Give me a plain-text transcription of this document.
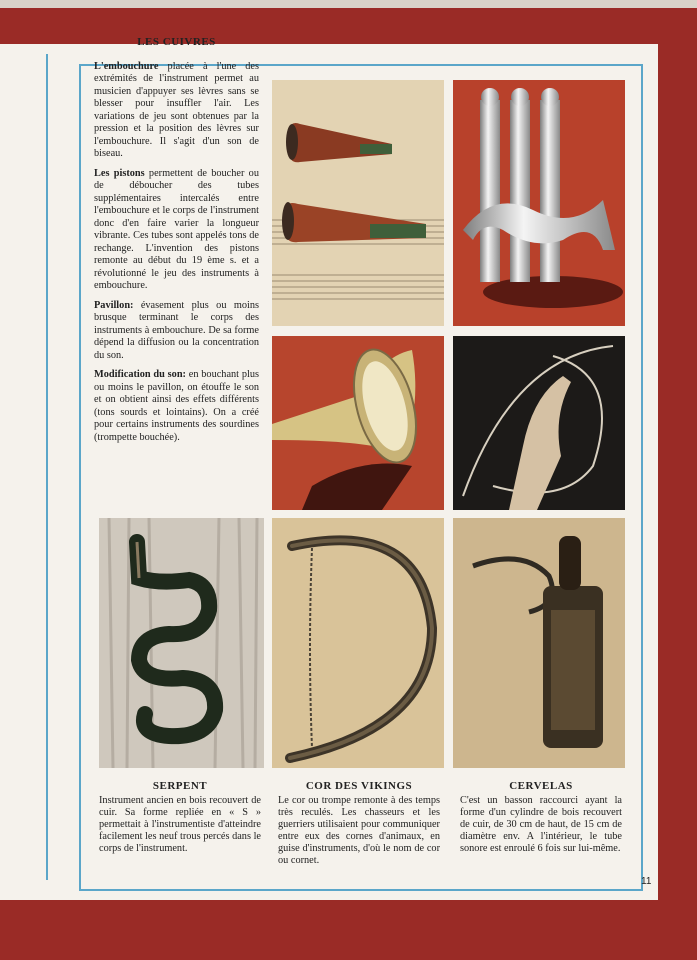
11
LES CUIVRES

L'embouchure placée à l'une des extrémités de l'instrument permet au musicien d'appuyer ses lèvres sans se blesser pour insuffler l'air. Les variations de jeu sont obtenues par la pression et la position des lèvres sur l'embouchure. Il s'agit d'un son de biseau.

Les pistons permettent de boucher ou de déboucher des tubes supplémentaires intercalés entre l'embouchure et le corps de l'instrument donc d'en faire varier la longueur vibrante. Ces tubes sont appelés tons de rechange. L'invention des pistons remonte au début du 19 ème s. et a révolutionné le jeu des instruments à embouchure.

Pavillon: évasement plus ou moins brusque terminant le corps des instruments à embouchure. De sa forme dépend la diffusion ou la concentration du son.

Modification du son: en bouchant plus ou moins le pavillon, on étouffe le son et on obtient ainsi des effets différents (tons sourds et lointains). On a créé pour certains instruments des sourdines (trompette bouchée).

SERPENT
Instrument ancien en bois recouvert de cuir. Sa forme repliée en « S » permettait à l'instrumentiste d'atteindre facilement les neuf trous percés dans le corps de l'instrument.
COR DES VIKINGS
Le cor ou trompe remonte à des temps très reculés. Les chasseurs et les guerriers utilisaient pour communiquer entre eux des cornes d'animaux, en guise d'instruments, d'où le nom de cor ou cornet.
CERVELAS
C'est un basson raccourci ayant la forme d'un cylindre de bois recouvert de cuir, de 30 cm de haut, de 15 cm de diamètre env. A l'intérieur, le tube sonore est enroulé 6 fois sur lui-même.
